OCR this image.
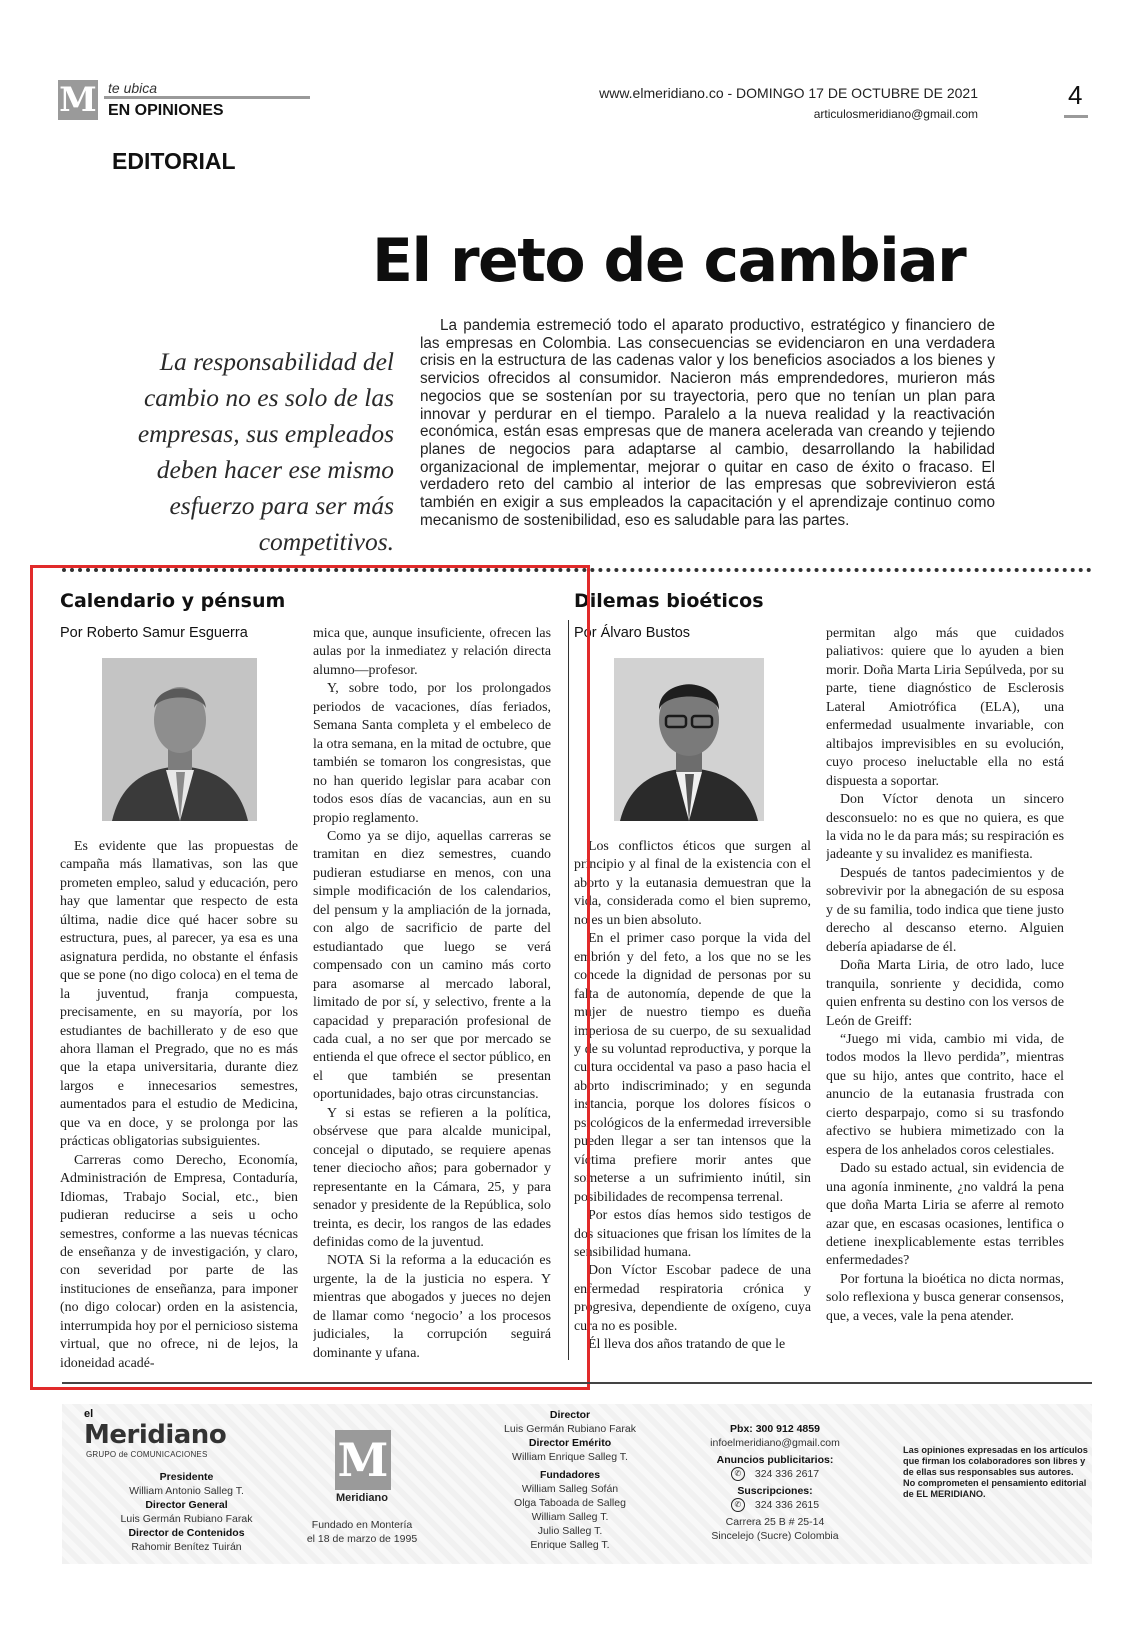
M te ubica
EN OPINIONES
EDITORIAL
www.elmeridiano.co - DOMINGO 17 DE OCTUBRE DE 2021
articulosmeridiano@gmail.com
4
El reto de cambiar
La responsabilidad del cambio no es solo de las empresas, sus empleados deben hacer ese mismo esfuerzo para ser más competitivos.
La pandemia estremeció todo el aparato productivo, estratégico y financiero de las empresas en Colombia. Las consecuencias se evidenciaron en una verdadera crisis en la estructura de las cadenas valor y los beneficios asociados a los bienes y servicios ofrecidos al consumidor. Nacieron más emprendedores, murieron más negocios que se sostenían por su trayectoria, pero que no tenían un plan para innovar y perdurar en el tiempo. Paralelo a la nueva realidad y la reactivación económica, están esas empresas que de manera acelerada van creando y tejiendo planes de negocios para adaptarse al cambio, desarrollando la habilidad organizacional de implementar, mejorar o quitar en caso de éxito o fracaso. El verdadero reto del cambio al interior de las empresas que sobrevivieron está también en exigir a sus empleados la capacitación y el aprendizaje continuo como mecanismo de sostenibilidad, eso es saludable para las partes.
Calendario y pénsum
Por Roberto Samur Esguerra

Es evidente que las propuestas de campaña más llamativas, son las que prometen empleo, salud y educación, pero hay que lamentar que respecto de esta última, nadie dice qué hacer sobre su estructura, pues, al parecer, ya esa es una asignatura perdida, no obstante el énfasis que se pone (no digo coloca) en el tema de la juventud, franja compuesta, precisamente, en su mayoría, por los estudiantes de bachillerato y de eso que ahora llaman el Pregrado, que no es más que la etapa universitaria, durante diez largos e innecesarios semestres, aumentados para el estudio de Medicina, que va en doce, y se prolonga por las prácticas obligatorias subsiguientes.

Carreras como Derecho, Economía, Administración de Empresa, Contaduría, Idiomas, Trabajo Social, etc., bien pudieran reducirse a seis u ocho semestres, conforme a las nuevas técnicas de enseñanza y de investigación, y claro, con severidad por parte de las instituciones de enseñanza, para imponer (no digo colocar) orden en la asistencia, interrumpida hoy por el pernicioso sistema virtual, que no ofrece, ni de lejos, la idoneidad acadé-

mica que, aunque insuficiente, ofrecen las aulas por la inmediatez y relación directa alumno—profesor.

Y, sobre todo, por los prolongados periodos de vacaciones, días feriados, Semana Santa completa y el embeleco de la otra semana, en la mitad de octubre, que también se tomaron los congresistas, que no han querido legislar para acabar con todos esos días de vacancias, aun en su propio reglamento.

Como ya se dijo, aquellas carreras se tramitan en diez semestres, cuando pudieran estudiarse en menos, con una simple modificación de los calendarios, del pensum y la ampliación de la jornada, con algo de sacrificio de parte del estudiantado que luego se verá compensado con un camino más corto para asomarse al mercado laboral, limitado de por sí, y selectivo, frente a la capacidad y preparación profesional de cada cual, a no ser que por mercado se entienda el que ofrece el sector público, en el que también se presentan oportunidades, bajo otras circunstancias.

Y si estas se refieren a la política, obsérvese que para alcalde municipal, concejal o diputado, se requiere apenas tener dieciocho años; para gobernador y representante en la Cámara, 25, y para senador y presidente de la República, solo treinta, es decir, los rangos de las edades definidas como de la juventud.

NOTA Si la reforma a la educación es urgente, la de la justicia no espera. Y mientras que abogados y jueces no dejen de llamar como ‘negocio’ a los procesos judiciales, la corrupción seguirá dominante y ufana.

Dilemas bioéticos
Por Álvaro Bustos

Los conflictos éticos que surgen al principio y al final de la existencia con el aborto y la eutanasia demuestran que la vida, considerada como el bien supremo, no es un bien absoluto.

En el primer caso porque la vida del embrión y del feto, a los que no se les concede la dignidad de personas por su falta de autonomía, depende de que la mujer de nuestro tiempo es dueña imperiosa de su cuerpo, de su sexualidad y de su voluntad reproductiva, y porque la cultura occidental va paso a paso hacia el aborto indiscriminado; y en segunda instancia, porque los dolores físicos o psicológicos de la enfermedad irreversible pueden llegar a ser tan intensos que la víctima prefiere morir antes que someterse a un sufrimiento inútil, sin posibilidades de recompensa terrenal.

Por estos días hemos sido testigos de dos situaciones que frisan los límites de la sensibilidad humana.

Don Víctor Escobar padece de una enfermedad respiratoria crónica y progresiva, dependiente de oxígeno, cuya cura no es posible.

Él lleva dos años tratando de que le

permitan algo más que cuidados paliativos: quiere que lo ayuden a bien morir. Doña Marta Liria Sepúlveda, por su parte, tiene diagnóstico de Esclerosis Lateral Amiotrófica (ELA), una enfermedad usualmente invariable, con altibajos imprevisibles en su evolución, cuyo proceso ineluctable ella no está dispuesta a soportar.

Don Víctor denota un sincero desconsuelo: no es que no quiera, es que la vida no le da para más; su respiración es jadeante y su invalidez es manifiesta.

Después de tantos padecimientos y de sobrevivir por la abnegación de su esposa y de su familia, todo indica que tiene justo derecho al descanso eterno. Alguien debería apiadarse de él.

Doña Marta Liria, de otro lado, luce tranquila, sonriente y decidida, como quien enfrenta su destino con los versos de León de Greiff:

“Juego mi vida, cambio mi vida, de todos modos la llevo perdida”, mientras que su hijo, antes que contrito, hace el anuncio de la eutanasia frustrada con cierto desparpajo, como si su trasfondo afectivo se hubiera mimetizado con la espera de los anhelados coros celestiales.

Dado su estado actual, sin evidencia de una agonía inminente, ¿no valdrá la pena que doña Marta Liria se aferre al remoto azar que, en escasas ocasiones, lentifica o detiene inexplicablemente estas terribles enfermedades?

Por fortuna la bioética no dicta normas, solo reflexiona y busca generar consensos, que, a veces, vale la pena atender.

el
Meridiano
GRUPO de COMUNICACIONES
Presidente
William Antonio Salleg T.
Director General
Luis Germán Rubiano Farak
Director de Contenidos
Rahomir Benítez Tuirán
M
Meridiano
Fundado en Montería
el 18 de marzo de 1995
Director
Luis Germán Rubiano Farak
Director Emérito
William Enrique Salleg T.
Fundadores
William Salleg Sofán
Olga Taboada de Salleg
William Salleg T.
Julio Salleg T.
Enrique Salleg T.
Pbx: 300 912 4859
infoelmeridiano@gmail.com
Anuncios publicitarios:
✆ 324 336 2617
Suscripciones:
✆ 324 336 2615
Carrera 25 B # 25-14
Sincelejo (Sucre) Colombia
Las opiniones expresadas en los artículos que firman los colaboradores son libres y de ellas sus responsables sus autores. No comprometen el pensamiento editorial de EL MERIDIANO.
